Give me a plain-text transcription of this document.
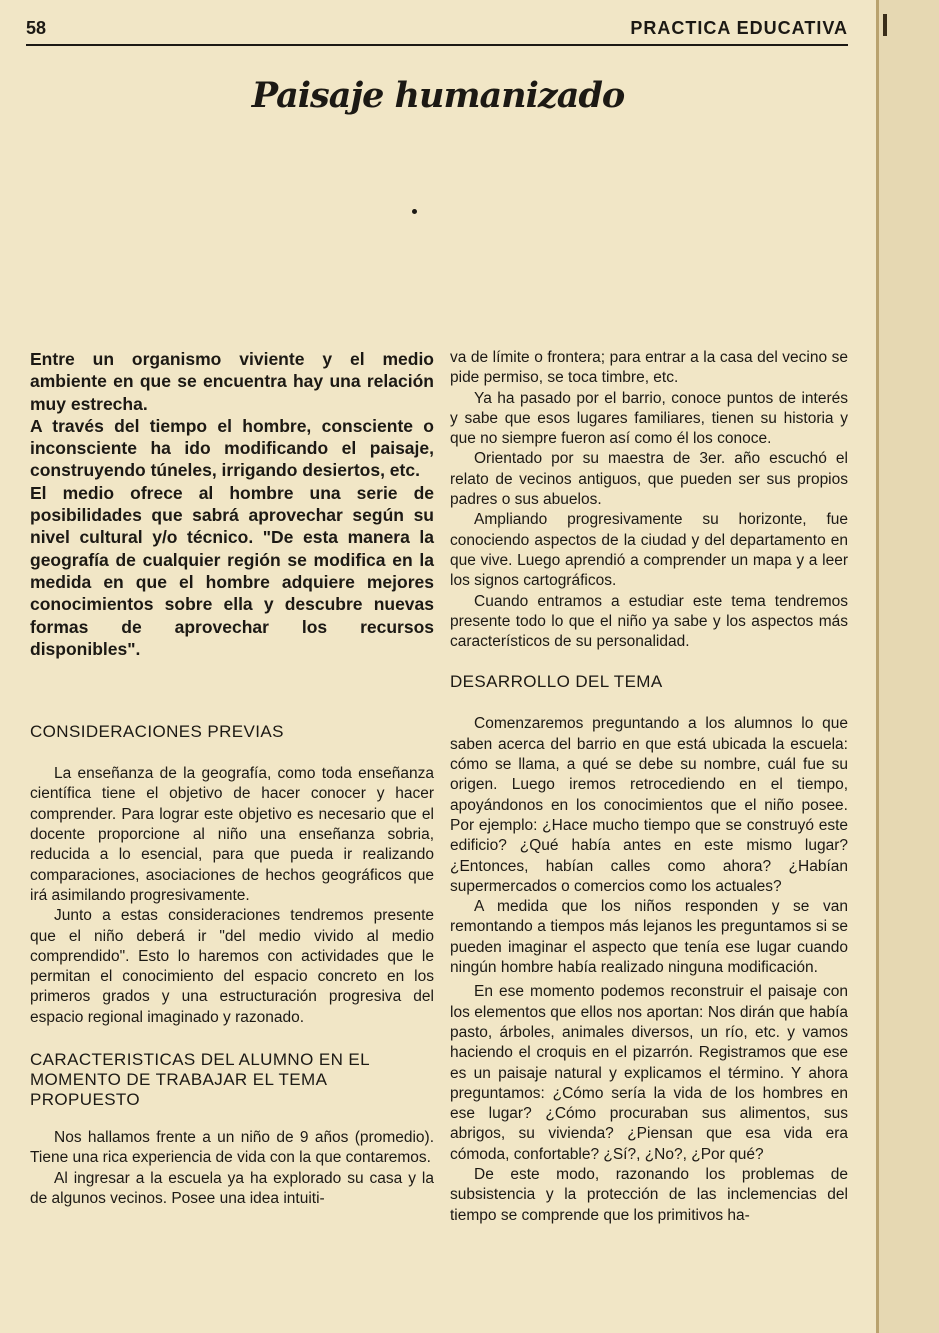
58	PRACTICA EDUCATIVA
Paisaje humanizado

Entre un organismo viviente y el medio ambiente en que se encuentra hay una relación muy estrecha.

A través del tiempo el hombre, consciente o inconsciente ha ido modificando el paisaje, construyendo túneles, irrigando desiertos, etc.

El medio ofrece al hombre una serie de posibilidades que sabrá aprovechar según su nivel cultural y/o técnico. "De esta manera la geografía de cualquier región se modifica en la medida en que el hombre adquiere mejores conocimientos sobre ella y descubre nuevas formas de aprovechar los recursos disponibles".

CONSIDERACIONES PREVIAS

La enseñanza de la geografía, como toda enseñanza científica tiene el objetivo de hacer conocer y hacer comprender. Para lograr este objetivo es necesario que el docente proporcione al niño una enseñanza sobria, reducida a lo esencial, para que pueda ir realizando comparaciones, asociaciones de hechos geográficos que irá asimilando progresivamente.

Junto a estas consideraciones tendremos presente que el niño deberá ir "del medio vivido al medio comprendido". Esto lo haremos con actividades que le permitan el conocimiento del espacio concreto en los primeros grados y una estructuración progresiva del espacio regional imaginado y razonado.

CARACTERISTICAS DEL ALUMNO EN EL MOMENTO DE TRABAJAR EL TEMA PROPUESTO

Nos hallamos frente a un niño de 9 años (promedio). Tiene una rica experiencia de vida con la que contaremos.

Al ingresar a la escuela ya ha explorado su casa y la de algunos vecinos. Posee una idea intuiti-

va de límite o frontera; para entrar a la casa del vecino se pide permiso, se toca timbre, etc.

Ya ha pasado por el barrio, conoce puntos de interés y sabe que esos lugares familiares, tienen su historia y que no siempre fueron así como él los conoce.

Orientado por su maestra de 3er. año escuchó el relato de vecinos antiguos, que pueden ser sus propios padres o sus abuelos.

Ampliando progresivamente su horizonte, fue conociendo aspectos de la ciudad y del departamento en que vive. Luego aprendió a comprender un mapa y a leer los signos cartográficos.

Cuando entramos a estudiar este tema tendremos presente todo lo que el niño ya sabe y los aspectos más característicos de su personalidad.

DESARROLLO DEL TEMA

Comenzaremos preguntando a los alumnos lo que saben acerca del barrio en que está ubicada la escuela: cómo se llama, a qué se debe su nombre, cuál fue su origen. Luego iremos retrocediendo en el tiempo, apoyándonos en los conocimientos que el niño posee. Por ejemplo: ¿Hace mucho tiempo que se construyó este edificio? ¿Qué había antes en este mismo lugar? ¿Entonces, habían calles como ahora? ¿Habían supermercados o comercios como los actuales?

A medida que los niños responden y se van remontando a tiempos más lejanos les preguntamos si se pueden imaginar el aspecto que tenía ese lugar cuando ningún hombre había realizado ninguna modificación.

En ese momento podemos reconstruir el paisaje con los elementos que ellos nos aportan: Nos dirán que había pasto, árboles, animales diversos, un río, etc. y vamos haciendo el croquis en el pizarrón. Registramos que ese es un paisaje natural y explicamos el término. Y ahora preguntamos: ¿Cómo sería la vida de los hombres en ese lugar? ¿Cómo procuraban sus alimentos, sus abrigos, su vivienda? ¿Piensan que esa vida era cómoda, confortable? ¿Sí?, ¿No?, ¿Por qué?

De este modo, razonando los problemas de subsistencia y la protección de las inclemencias del tiempo se comprende que los primitivos ha-
